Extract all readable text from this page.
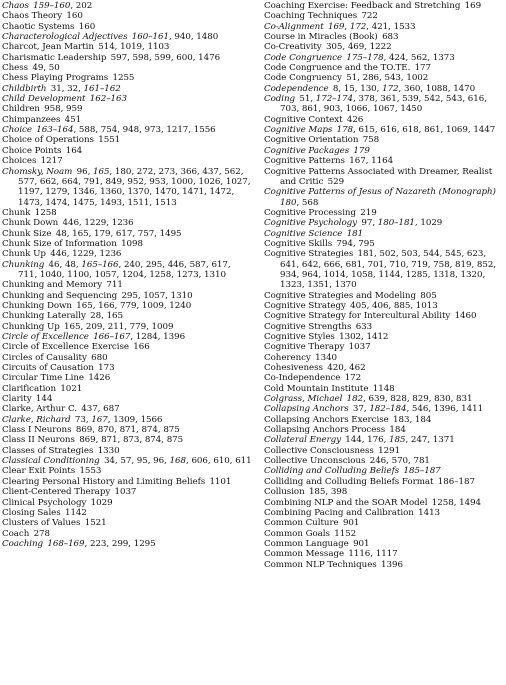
Chaos  159–160, 202
Chaos Theory  160
Chaotic Systems  160
Characterological Adjectives  160–161, 940, 1480
Charcot, Jean Martin  514, 1019, 1103
Charismatic Leadership  597, 598, 599, 600, 1476
Chess  49, 50
Chess Playing Programs  1255
Childbirth  31, 32, 161–162
Child Development  162–163
Children  958, 959
Chimpanzees  451
Choice  163–164, 588, 754, 948, 973, 1217, 1556
Choice of Operations  1551
Choice Points  164
Choices  1217
Chomsky, Noam  96, 165, 180, 272, 273, 366, 437, 562, 577, 662, 664, 791, 849, 952, 953, 1000, 1026, 1027, 1197, 1279, 1346, 1360, 1370, 1470, 1471, 1472, 1473, 1474, 1475, 1493, 1511, 1513
Chunk  1258
Chunk Down  446, 1229, 1236
Chunk Size  48, 165, 179, 617, 757, 1495
Chunk Size of Information  1098
Chunk Up  446, 1229, 1236
Chunking  46, 48, 165–166, 240, 295, 446, 587, 617, 711, 1040, 1100, 1057, 1204, 1258, 1273, 1310
Chunking and Memory  711
Chunking and Sequencing  295, 1057, 1310
Chunking Down  165, 166, 779, 1009, 1240
Chunking Laterally  28, 165
Chunking Up  165, 209, 211, 779, 1009
Circle of Excellence  166–167, 1284, 1396
Circle of Excellence Exercise  166
Circles of Causality  680
Circuits of Causation  173
Circular Time Line  1426
Clarification  1021
Clarity  144
Clarke, Arthur C.  437, 687
Clarke, Richard  73, 167, 1309, 1566
Class I Neurons  869, 870, 871, 874, 875
Class II Neurons  869, 871, 873, 874, 875
Classes of Strategies  1330
Classical Conditioning  34, 57, 95, 96, 168, 606, 610, 611
Clear Exit Points  1553
Clearing Personal History and Limiting Beliefs  1101
Client-Centered Therapy  1037
Clinical Psychology  1029
Closing Sales  1142
Clusters of Values  1521
Coach  278
Coaching  168–169, 223, 299, 1295
Coaching Exercise: Feedback and Stretching  169
Coaching Techniques  722
Co-Alignment  169, 172, 421, 1533
Course in Miracles (Book)  683
Co-Creativity  305, 469, 1222
Code Congruence  175–178, 424, 562, 1373
Code Congruence and the TO.TE.  177
Code Congruency  51, 286, 543, 1002
Codependence  8, 15, 130, 172, 360, 1088, 1470
Coding  51, 172–174, 378, 361, 539, 542, 543, 616, 703, 861, 903, 1066, 1067, 1450
Cognitive Context  426
Cognitive Maps  178, 615, 616, 618, 861, 1069, 1447
Cognitive Orientation  758
Cognitive Packages  179
Cognitive Patterns  167, 1164
Cognitive Patterns Associated with Dreamer, Realist and Critic  529
Cognitive Patterns of Jesus of Nazareth (Monograph) 180, 568
Cognitive Processing  219
Cognitive Psychology  97, 180–181, 1029
Cognitive Science  181
Cognitive Skills  794, 795
Cognitive Strategies  181, 502, 503, 544, 545, 623, 641, 642, 666, 681, 701, 710, 719, 758, 819, 852, 934, 964, 1014, 1058, 1144, 1285, 1318, 1320, 1323, 1351, 1370
Cognitive Strategies and Modeling  805
Cognitive Strategy  405, 406, 885, 1013
Cognitive Strategy for Intercultural Ability  1460
Cognitive Strengths  633
Cognitive Styles  1302, 1412
Cognitive Therapy  1037
Coherency  1340
Cohesiveness  420, 462
Co-Independence  172
Cold Mountain Institute  1148
Colgrass, Michael  182, 639, 828, 829, 830, 831
Collapsing Anchors  37, 182–184, 546, 1396, 1411
Collapsing Anchors Exercise  183, 184
Collapsing Anchors Process  184
Collateral Energy  144, 176, 185, 247, 1371
Collective Consciousness  1291
Collective Unconscious  246, 570, 781
Colliding and Colluding Beliefs  185–187
Colliding and Colluding Beliefs Format  186–187
Collusion  185, 398
Combining NLP and the SOAR Model  1258, 1494
Combining Pacing and Calibration  1413
Common Culture  901
Common Goals  1152
Common Language  901
Common Message  1116, 1117
Common NLP Techniques  1396
